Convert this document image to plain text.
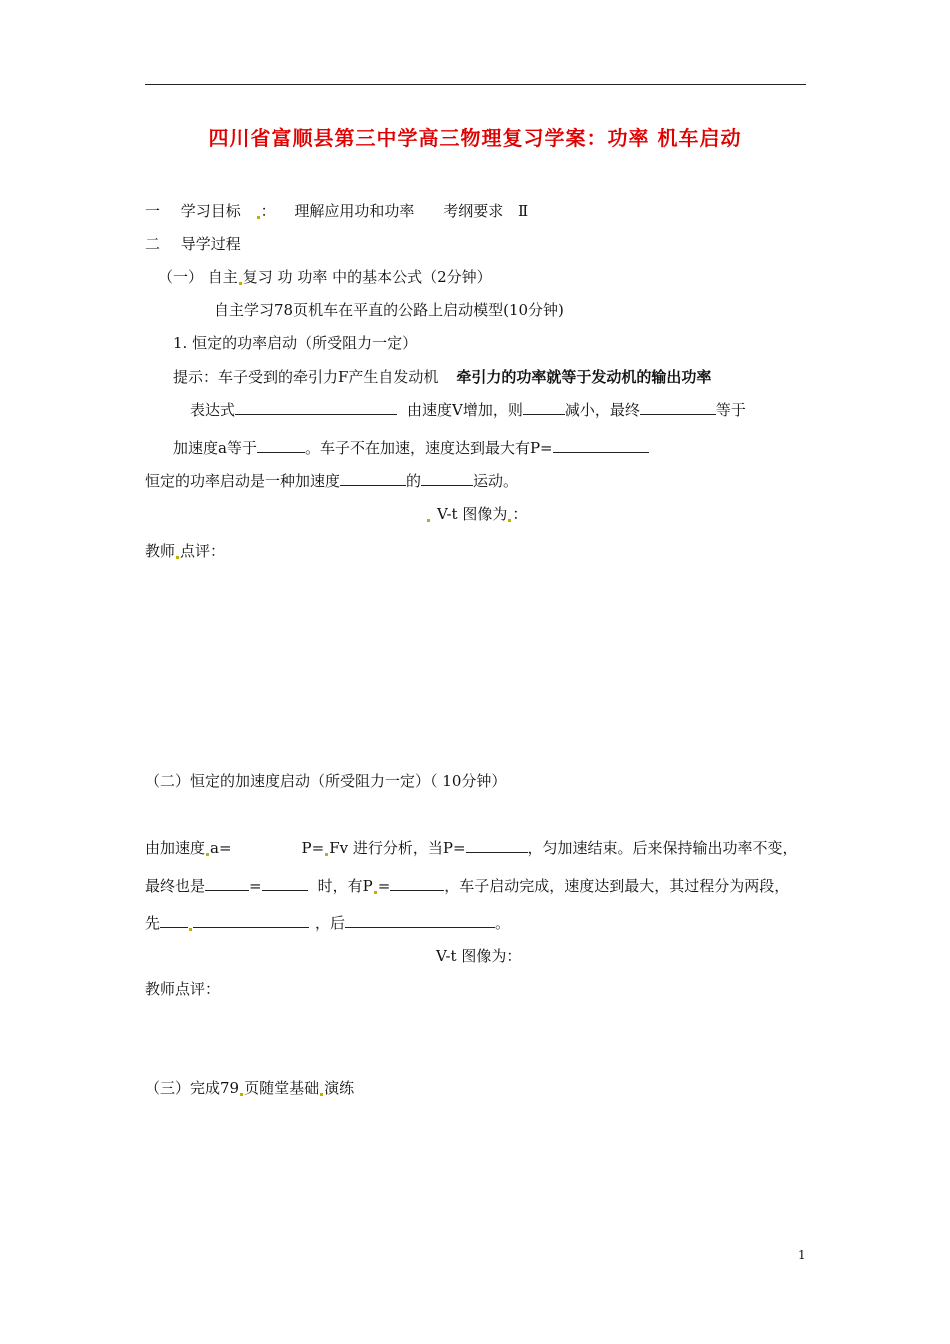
四川省富顺县第三中学高三物理复习学案：功率 机车启动
一 学习目标 ： 理解应用功和功率 考纲要求 Ⅱ
二 导学过程
（一） 自主 复习 功 功率 中的基本公式（2分钟）
自主学习78页机车在平直的公路上启动模型(10分钟)
1. 恒定的功率启动（所受阻力一定）
提示：车子受到的牵引力F产生自发动机 牵引力的功率就等于发动机的输出功率
表达式	由速度V增加，则	减小，最终	等于
加速度a等于	。车子不在加速，速度达到最大有P=
恒定的功率启动是一种加速度	的	运动。
V-t 图像为 ：
教师 点评：
（二）恒定的加速度启动（所受阻力一定）（ 10分钟）
由加速度 a=	P= Fv 进行分析，当P=	，匀加速结束。后来保持输出功率不变，
最终也是	=	时，有P =	，车子启动完成，速度达到最大，其过程分为两段，
先	，后	。
V-t 图像为：
教师点评：
（三）完成79 页随堂基础 演练
1
